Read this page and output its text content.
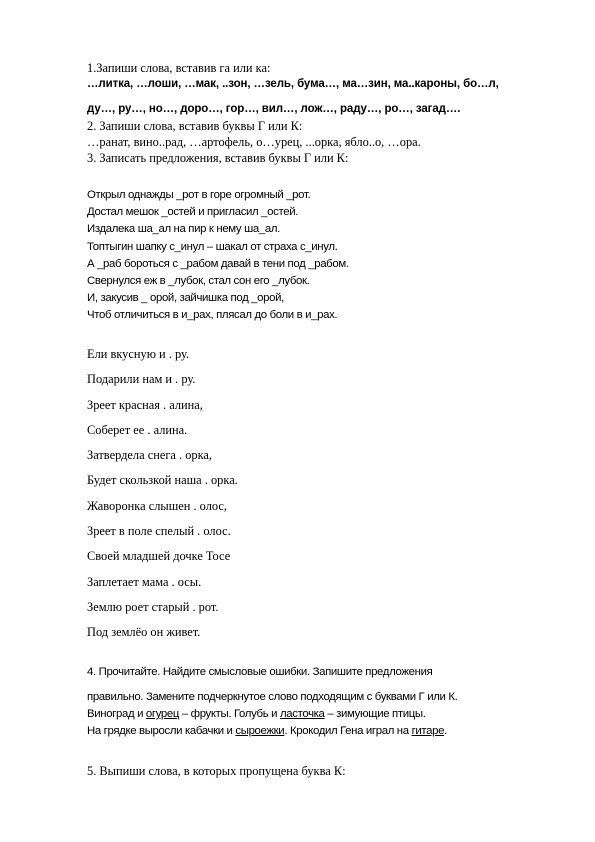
1.Запиши слова, вставив га или ка:
…литка, …лоши, …мак, ..зон, …зель, бума…, ма…зин, ма..кароны, бо…л,
ду…, ру…, но…, доро…, гор…, вил…, лож…, раду…, ро…, загад….
2. Запиши слова, вставив буквы Г или К:
…ранат, вино..рад, …артофель, о…урец, ...орка, ябло..о, …ора.
3. Записать предложения, вставив буквы Г или К:
Открыл однажды _рот в горе огромный _рот.
Достал мешок _остей и пригласил _остей.
Издалека ша_ал на пир к нему ша_ал.
Топтыгин шапку с_инул – шакал от страха с_инул.
А _раб бороться с _рабом давай в тени под _рабом.
Свернулся еж в _лубок, стал сон его _лубок.
И, закусив _ орой, зайчишка под _орой,
Чтоб отличиться в и_рах, плясал до боли в и_рах.
Ели вкусную и . ру.
Подарили нам и . ру.
Зреет красная . алина,
Соберет ее . алина.
Затвердела снега . орка,
Будет скользкой наша . орка.
Жаворонка слышен . олос,
Зреет в поле спелый . олос.
Своей младшей дочке Тосе
Заплетает мама . осы.
Землю роет старый . рот.
Под землёо он живет.
4. Прочитайте. Найдите смысловые ошибки. Запишите предложения
правильно. Замените подчеркнутое слово подходящим с буквами Г или К.
Виноград и огурец – фрукты. Голубь и ласточка – зимующие птицы.
На грядке выросли кабачки и сыроежки. Крокодил Гена играл на гитаре.
5. Выпиши слова, в которых пропущена буква К:
